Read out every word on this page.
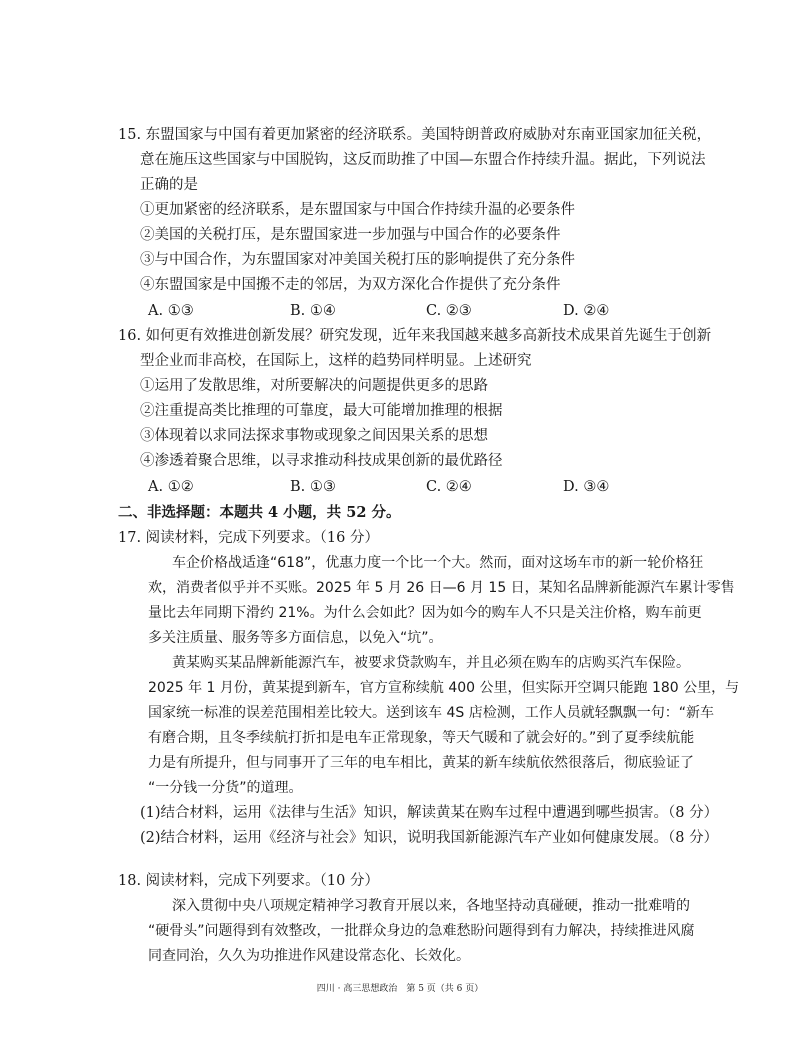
15. 东盟国家与中国有着更加紧密的经济联系。美国特朗普政府威胁对东南亚国家加征关税，
意在施压这些国家与中国脱钩，这反而助推了中国—东盟合作持续升温。据此，下列说法
正确的是
①更加紧密的经济联系，是东盟国家与中国合作持续升温的必要条件
②美国的关税打压，是东盟国家进一步加强与中国合作的必要条件
③与中国合作，为东盟国家对冲美国关税打压的影响提供了充分条件
④东盟国家是中国搬不走的邻居，为双方深化合作提供了充分条件
A. ①③	B. ①④	C. ②③	D. ②④
16. 如何更有效推进创新发展？研究发现，近年来我国越来越多高新技术成果首先诞生于创新
型企业而非高校，在国际上，这样的趋势同样明显。上述研究
①运用了发散思维，对所要解决的问题提供更多的思路
②注重提高类比推理的可靠度，最大可能增加推理的根据
③体现着以求同法探求事物或现象之间因果关系的思想
④渗透着聚合思维，以寻求推动科技成果创新的最优路径
A. ①②	B. ①③	C. ②④	D. ③④
二、非选择题：本题共 4 小题，共 52 分。
17. 阅读材料，完成下列要求。（16 分）
车企价格战适逢“618”，优惠力度一个比一个大。然而，面对这场车市的新一轮价格狂
欢，消费者似乎并不买账。2025 年 5 月 26 日—6 月 15 日，某知名品牌新能源汽车累计零售
量比去年同期下滑约 21%。为什么会如此？因为如今的购车人不只是关注价格，购车前更
多关注质量、服务等多方面信息，以免入“坑”。
黄某购买某品牌新能源汽车，被要求贷款购车，并且必须在购车的店购买汽车保险。
2025 年 1 月份，黄某提到新车，官方宣称续航 400 公里，但实际开空调只能跑 180 公里，与
国家统一标准的误差范围相差比较大。送到该车 4S 店检测，工作人员就轻飘飘一句：“新车
有磨合期，且冬季续航打折扣是电车正常现象，等天气暖和了就会好的。”到了夏季续航能
力是有所提升，但与同事开了三年的电车相比，黄某的新车续航依然很落后，彻底验证了
“一分钱一分货”的道理。
(1)结合材料，运用《法律与生活》知识，解读黄某在购车过程中遭遇到哪些损害。（8 分）
(2)结合材料，运用《经济与社会》知识，说明我国新能源汽车产业如何健康发展。（8 分）
18. 阅读材料，完成下列要求。（10 分）
深入贯彻中央八项规定精神学习教育开展以来，各地坚持动真碰硬，推动一批难啃的
“硬骨头”问题得到有效整改，一批群众身边的急难愁盼问题得到有力解决，持续推进风腐
同查同治，久久为功推进作风建设常态化、长效化。
四川 · 高三思想政治　第 5 页（共 6 页）
